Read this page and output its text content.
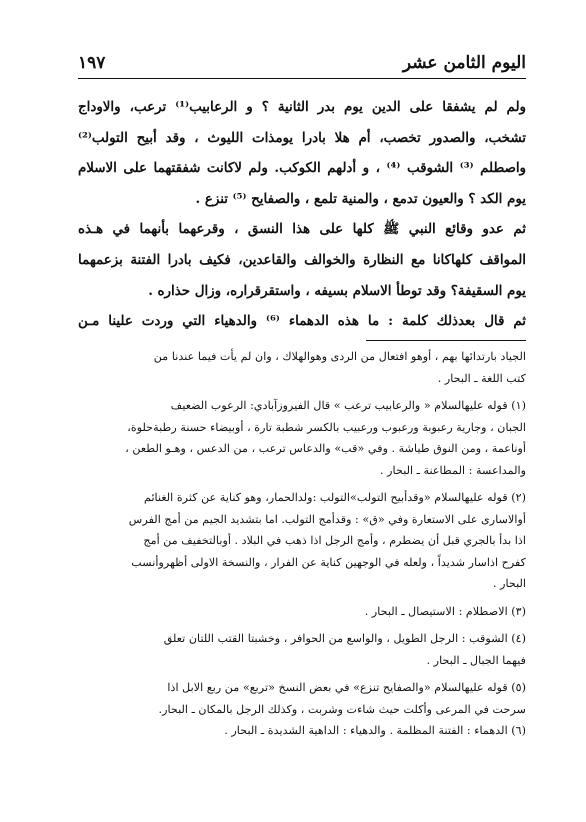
اليوم الثامن عشر
١٩٧
ولم لم يشفقا على الدين يوم بدر الثانية ؟ و الرعابيب⁽¹⁾ ترعب، والاوداج
تشخب، والصدور تخصب، أم هلا بادرا يومذات الليوث ، وقد أبيح التولب⁽²⁾
واصطلم ⁽³⁾ الشوقب ⁽⁴⁾ ، و أدلهم الكوكب. ولم لاكانت شفقتهما على الاسلام
يوم الكد ؟ والعيون تدمع ، والمنية تلمع ، والصفايح ⁽⁵⁾ تنزع .
ثم عدو وقائع النبي ﷺ كلها على هذا النسق ، وقرعهما بأنهما في هـذه
المواقف كلهاكانا مع النظارة والخوالف والقاعدين، فكيف بادرا الفتنة بزعمهما
يوم السقيفة؟ وقد توطأ الاسلام بسيفه ، واستقرقراره، وزال حذاره .
ثم قال بعدذلك كلمة : ما هذه الدهماء ⁽⁶⁾ والدهياء التي وردت علينا مـن
الجياد بارتدائها بهم ، أوهو افتعال من الردى وهوالهلاك ، وان لم يأت فيما عندنا من
كتب اللغة ـ البحار .
(١) قوله عليهالسلام « والرعابيب ترعب » قال الفيروزآبادي: الرعوب الضعيف
الجبان ، وجارية رعبوبة ورعبوب ورعبيب بالكسر شطبة تارة ، أوبيضاء حسنة رطبةحلوة،
أوناعمة ، ومن النوق طياشة . وفي «قب» والدعاس ترعب ، من الدعس ، وهـو الطعن ،
والمداعسة : المطاعنة ـ البحار .
(٢) قوله عليهالسلام «وقدأبيح التولب»التولب :ولدالحمار، وهو كناية عن كثرة الغنائم
أوالاسارى على الاستعارة وفي «ق» : وقدأمج التولب. اما بتشديد الجيم من أمج الفرس
اذا بدأ بالجري قبل أن يضطرم ، وأمج الرجل اذا ذهب في البلاد . أوبالتخفيف من أمج
كفرح اذاسار شديداً ، ولعله في الوجهين كناية عن الفرار ، والنسخة الاولى أظهروأنسب
البحار .
(٣) الاصطلام : الاستيصال ـ البحار .
(٤) الشوقب : الرجل الطويل ، والواسع من الحوافر ، وخشبتا القتب اللتان تعلق
فيهما الجبال ـ البحار .
(٥) قوله عليهالسلام «والصفايح تنزع» في بعض النسخ «تربع» من ربع الابل اذا
سرحت في المرعى وأكلت حيث شاءت وشربت ، وكذلك الرجل بالمكان ـ البحار.
(٦) الدهماء : الفتنة المظلمة . والدهياء : الداهية الشديدة ـ البحار .
